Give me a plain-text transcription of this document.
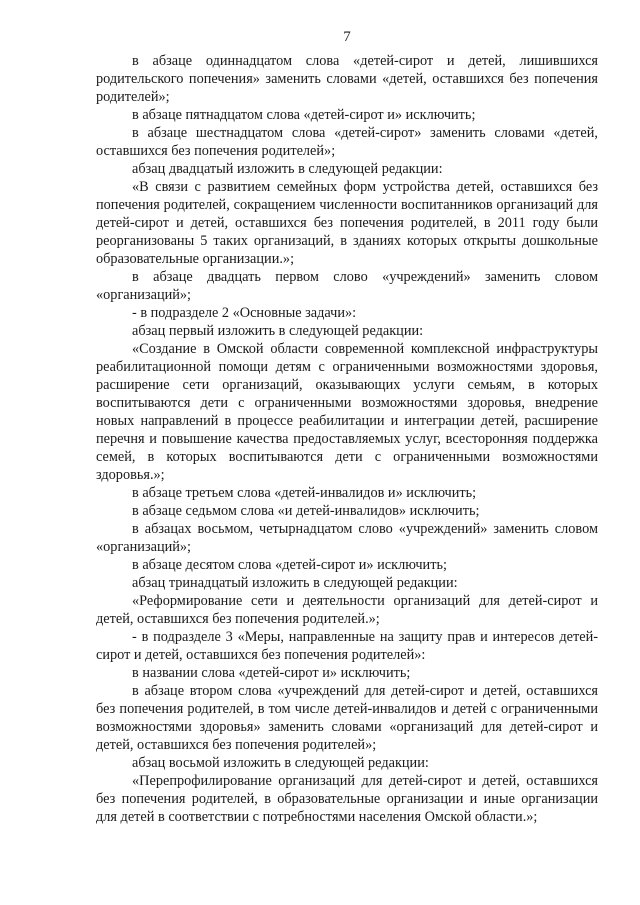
7

в абзаце одиннадцатом слова «детей-сирот и детей, лишившихся родительского попечения» заменить словами «детей, оставшихся без попечения родителей»;

в абзаце пятнадцатом слова «детей-сирот и» исключить;

в абзаце шестнадцатом слова «детей-сирот» заменить словами «детей, оставшихся без попечения родителей»;

абзац двадцатый изложить в следующей редакции:

«В связи с развитием семейных форм устройства детей, оставшихся без попечения родителей, сокращением численности воспитанников организаций для детей-сирот и детей, оставшихся без попечения родителей, в 2011 году были реорганизованы 5 таких организаций, в зданиях которых открыты дошкольные образовательные организации.»;

в абзаце двадцать первом слово «учреждений» заменить словом «организаций»;

- в подразделе 2 «Основные задачи»:

абзац первый изложить в следующей редакции:

«Создание в Омской области современной комплексной инфраструктуры реабилитационной помощи детям с ограниченными возможностями здоровья, расширение сети организаций, оказывающих услуги семьям, в которых воспитываются дети с ограниченными возможностями здоровья, внедрение новых направлений в процессе реабилитации и интеграции детей, расширение перечня и повышение качества предоставляемых услуг, всесторонняя поддержка семей, в которых воспитываются дети с ограниченными возможностями здоровья.»;

в абзаце третьем слова «детей-инвалидов и» исключить;

в абзаце седьмом слова «и детей-инвалидов» исключить;

в абзацах восьмом, четырнадцатом слово «учреждений» заменить словом «организаций»;

в абзаце десятом слова «детей-сирот и» исключить;

абзац тринадцатый изложить в следующей редакции:

«Реформирование сети и деятельности организаций для детей-сирот и детей, оставшихся без попечения родителей.»;

- в подразделе 3 «Меры, направленные на защиту прав и интересов детей-сирот и детей, оставшихся без попечения родителей»:

в названии слова «детей-сирот и» исключить;

в абзаце втором слова «учреждений для детей-сирот и детей, оставшихся без попечения родителей, в том числе детей-инвалидов и детей с ограниченными возможностями здоровья» заменить словами «организаций для детей-сирот и детей, оставшихся без попечения родителей»;

абзац восьмой изложить в следующей редакции:

«Перепрофилирование организаций для детей-сирот и детей, оставшихся без попечения родителей, в образовательные организации и иные организации для детей в соответствии с потребностями населения Омской области.»;
